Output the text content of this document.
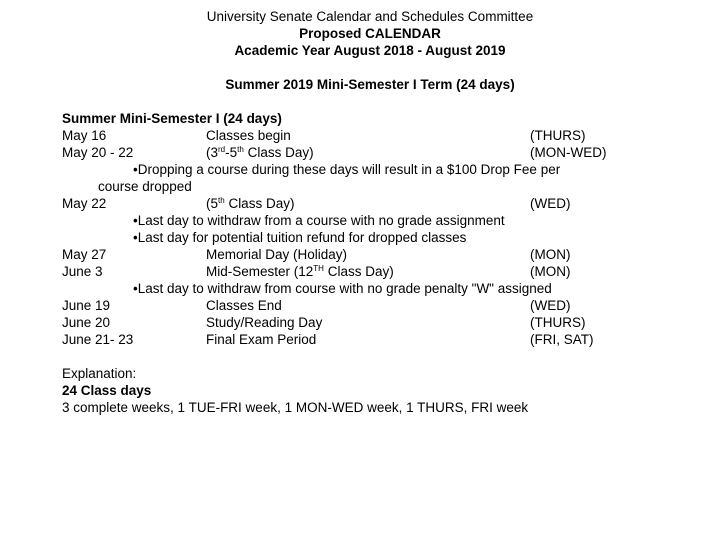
University Senate Calendar and Schedules Committee
Proposed CALENDAR
Academic Year August 2018 - August 2019
Summer 2019 Mini-Semester I Term (24 days)
Summer Mini-Semester I (24 days)
May 16	Classes begin	(THURS)
May 20 - 22	(3rd-5th Class Day)	(MON-WED)
•Dropping a course during these days will result in a $100 Drop Fee per
course dropped
May 22	(5th Class Day)	(WED)
•Last day to withdraw from a course with no grade assignment
•Last day for potential tuition refund for dropped classes
May 27	Memorial Day (Holiday)	(MON)
June 3	Mid-Semester (12TH Class Day)	(MON)
•Last day to withdraw from course with no grade penalty "W" assigned
June 19	Classes End	(WED)
June 20	Study/Reading Day	(THURS)
June 21- 23	Final Exam Period	(FRI, SAT)
Explanation:
24 Class days
3 complete weeks, 1 TUE-FRI week, 1 MON-WED week, 1 THURS, FRI week
